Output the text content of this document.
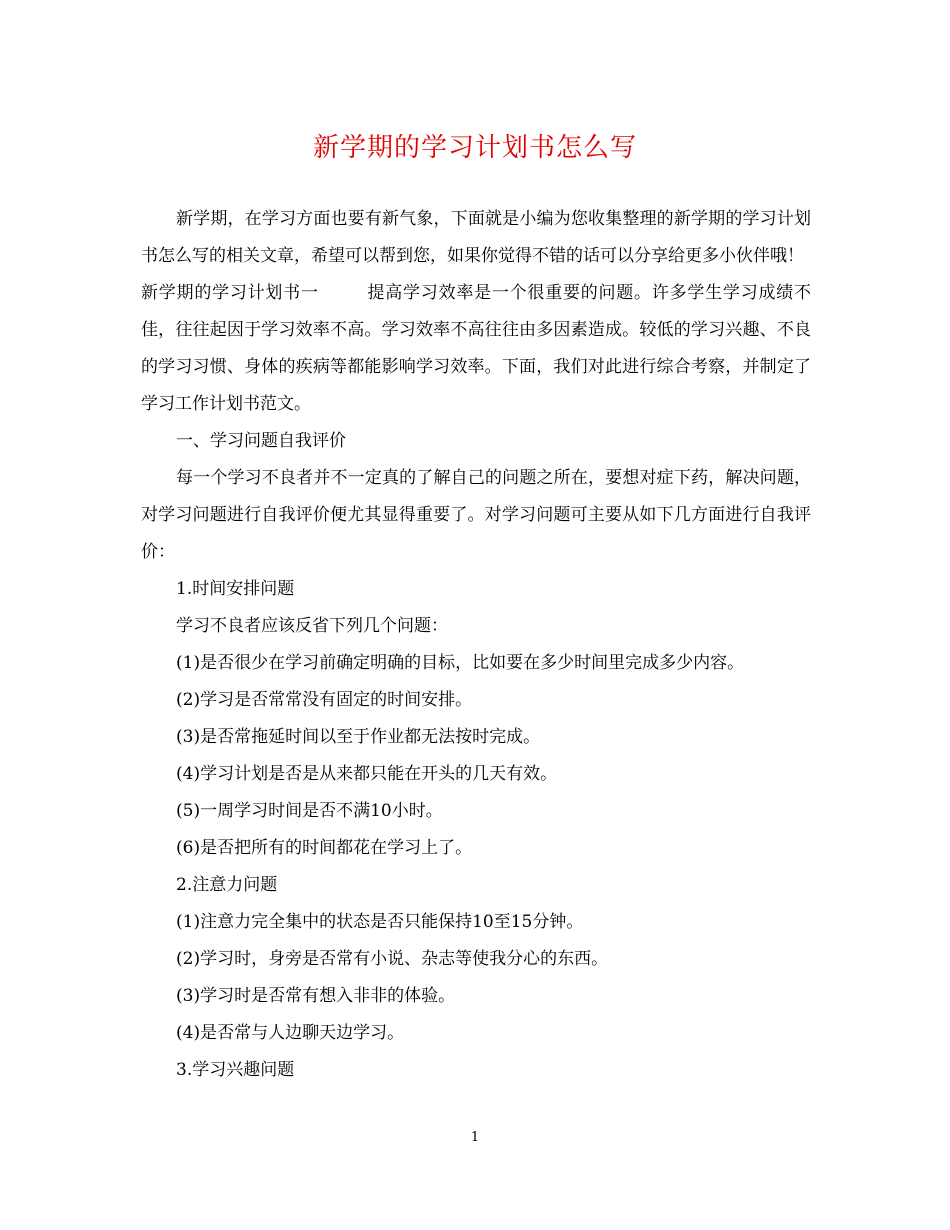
新学期的学习计划书怎么写

新学期，在学习方面也要有新气象，下面就是小编为您收集整理的新学期的学习计划书怎么写的相关文章，希望可以帮到您，如果你觉得不错的话可以分享给更多小伙伴哦！

新学期的学习计划书一	提高学习效率是一个很重要的问题。许多学生学习成绩不佳，往往起因于学习效率不高。学习效率不高往往由多因素造成。较低的学习兴趣、不良的学习习惯、身体的疾病等都能影响学习效率。下面，我们对此进行综合考察，并制定了学习工作计划书范文。

一、学习问题自我评价

每一个学习不良者并不一定真的了解自己的问题之所在，要想对症下药，解决问题，对学习问题进行自我评价便尤其显得重要了。对学习问题可主要从如下几方面进行自我评价：

1.时间安排问题

学习不良者应该反省下列几个问题：

(1)是否很少在学习前确定明确的目标，比如要在多少时间里完成多少内容。

(2)学习是否常常没有固定的时间安排。

(3)是否常拖延时间以至于作业都无法按时完成。

(4)学习计划是否是从来都只能在开头的几天有效。

(5)一周学习时间是否不满10小时。

(6)是否把所有的时间都花在学习上了。

2.注意力问题

(1)注意力完全集中的状态是否只能保持10至15分钟。

(2)学习时，身旁是否常有小说、杂志等使我分心的东西。

(3)学习时是否常有想入非非的体验。

(4)是否常与人边聊天边学习。

3.学习兴趣问题

1
